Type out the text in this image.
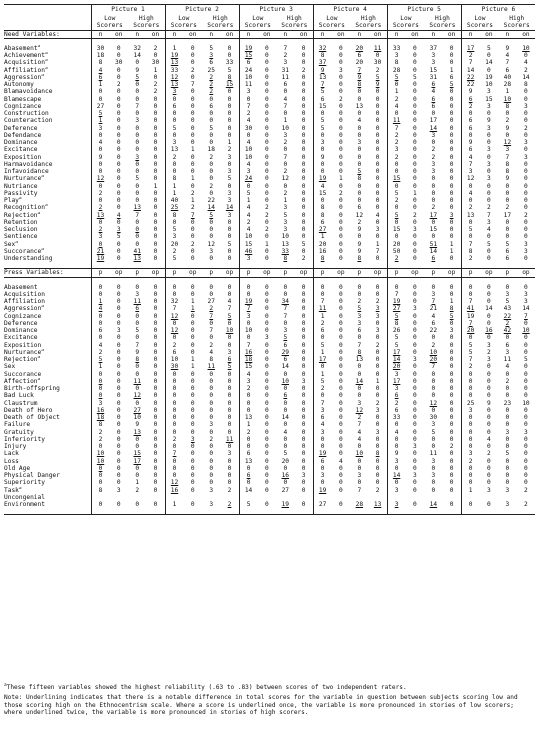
	Picture 1				Picture 2				Picture 3				Picture 4				Picture 5				Picture 6			
	Low		High		Low		High		Low		High		Low		High		Low		High		Low		High	
	Scorers		Scorers		Scorers		Scorers		Scorers		Scorers		Scorers		Scorers		Scorers		Scorers		Scorers		Scorers	
Need Variables:	n	on	n	on	n	on	n	on	n	on	n	on	n	on	n	on	n	on	n	on	n	on	n	on

Abasement$^a$	30	0	32	2	1	0	5	0	19	0	7	0	32	0	20	11	33	0	37	0	17	5	9	10
Achievement$^a$	18	0	14	0	19	0	3	0	15	0	2	0	8	0	6	0	3	0	3	0	2	0	4	0
Acquisition$^a$	8	30	0	30	13	0	6	33	6	0	3	0	37	0	20	30	8	0	3	0	7	14	7	4
Affiliation$^a$	4	0	9	1	33	2	25	5	24	0	31	2	9	3	7	2	28	0	15	1	14	0	6	2
Aggression$^a$	6	0	5	0	12	0	2	8	10	0	11	0	13	0	9	5	5	5	31	6	22	19	40	14
Autonomy	1	2	0	2	13	7	2	15	11	0	6	0	7	0	8	9	0	0	6	5	22	10	28	8
Blamavoidance	0	0	0	2	3	0	2	0	3	0	0	0	5	0	0	0	1	0	4	0	9	3	1	0
Blamescape	0	0	0	0	0	0	0	0	0	0	4	0	6	2	0	0	2	0	6	0	6	15	10	0
Cognizance	27	0	7	0	6	0	6	0	7	0	7	0	15	0	13	0	4	0	6	0	2	3	8	3
Construction	5	0	0	0	0	0	0	0	2	0	0	0	0	0	0	0	0	0	0	0	0	0	0	0
Counteraction	1	0	3	0	0	0	0	0	4	0	1	0	5	0	4	0	11	0	17	0	6	9	2	0
Deference	3	0	0	0	5	0	5	0	30	0	10	0	5	0	0	0	7	0	14	0	6	3	9	2
Defendance	0	0	0	0	0	0	0	0	0	0	3	0	0	0	0	0	2	0	3	0	0	0	0	0
Dominance	4	0	0	0	3	0	0	1	4	0	2	0	3	0	3	0	2	0	0	0	9	0	12	3
Excitance	0	0	0	0	13	1	18	2	10	0	0	0	0	0	0	0	3	0	2	0	6	3	3	0
Exposition	9	0	3	0	2	0	2	3	10	0	7	0	9	0	0	0	2	0	2	0	4	0	7	3
Harmavoidance	0	0	0	0	0	0	0	0	4	0	0	0	0	0	0	0	0	0	3	0	7	3	8	0
Infavoidance	0	0	0	0	0	0	0	3	3	0	2	0	0	0	5	0	0	0	3	0	3	0	8	0
Nurturance$^a$	12	0	5	0	8	1	0	5	24	0	12	0	19	1	8	0	15	0	0	0	12	3	9	0
Nutriance	0	0	0	1	1	0	2	0	0	0	0	0	4	0	0	0	0	0	0	0	0	0	0	0
Passivity	2	0	0	0	1	2	0	3	5	0	2	0	15	2	0	0	5	1	0	0	4	0	0	0
Play$^a$	0	0	0	0	40	1	22	3	1	0	1	0	0	0	0	0	2	0	0	0	0	0	0	0
Recognition$^a$	2	0	13	0	25	2	14	14	4	2	3	0	8	0	6	0	0	0	2	0	2	2	2	0
Rejection$^a$	13	4	7	0	8	7	5	3	4	2	5	0	8	0	12	4	5	2	17	3	13	7	17	2
Retention	0	0	0	0	0	0	0	0	2	0	3	0	6	0	2	0	0	0	0	0	0	3	0	0
Seclusion	2	3	0	0	5	0	0	0	4	2	3	0	27	0	9	3	15	3	15	0	5	4	0	0
Sentience	3	5	0	0	3	0	0	0	10	0	10	0	1	0	0	0	0	0	0	0	0	0	0	0
Sex$^a$	0	0	0	0	20	2	12	5	15	1	13	5	20	0	9	1	20	0	51	1	7	5	5	3
Succorance$^a$	21	0	41	0	2	0	3	0	46	0	33	0	16	0	9	7	50	0	14	1	8	0	6	3
Understanding	19	0	13	0	5	0	0	0	3	0	8	2	8	0	8	0	2	0	6	0	2	0	6	0

Press Variables:	p	op	p	op	p	op	p	op	p	op	p	op	p	op	p	op	p	op	p	op	p	op	p	op

Abasement	0	0	0	0	0	0	0	0	0	0	0	0	0	0	0	0	0	0	0	0	0	0	0	0
Acquisition	0	0	3	0	0	0	0	0	0	0	0	0	0	0	0	0	7	0	3	0	0	0	3	3
Affiliation	1	0	11	0	32	1	27	4	19	0	34	0	7	0	2	2	19	0	7	1	7	0	5	3
Aggression$^a$	4	0	6	0	7	1	2	7	7	0	7	0	11	0	5	3	27	3	21	8	41	14	43	14
Cognizance	0	0	0	0	12	0	7	5	3	0	7	0	1	0	3	3	5	0	4	5	19	0	22	7
Deference	0	0	0	0	0	0	0	0	0	0	0	0	2	0	3	0	8	0	6	0	7	0	2	0
Dominance	6	3	5	0	12	0	7	10	10	0	3	0	6	0	6	3	26	0	22	3	20	16	42	10
Excitance	0	0	0	0	0	0	0	0	0	3	5	0	0	0	0	0	5	0	0	0	0	0	0	0
Exposition	4	0	7	0	2	0	2	0	7	0	6	0	5	0	7	2	5	0	2	0	5	3	6	0
Nurturance$^a$	2	0	9	0	6	0	4	3	16	0	29	0	1	0	8	0	17	0	10	0	5	2	3	0
Rejection$^a$	5	0	8	0	10	1	8	6	18	0	6	0	17	0	13	0	14	3	20	0	7	3	11	5
Sex	1	0	0	0	30	1	11	5	15	0	14	0	0	0	0	0	20	0	7	0	2	0	4	0
Succorance	0	0	0	0	0	0	0	0	4	0	0	0	1	0	0	0	3	0	0	0	0	0	0	0
Affection$^a$	0	0	11	0	0	0	0	0	3	0	10	3	5	0	14	1	17	0	0	0	0	0	2	0
Birth-offspring	0	0	0	0	0	0	0	0	2	0	0	0	2	0	0	0	3	0	0	0	0	0	0	0
Bad Luck	0	0	12	0	0	0	0	0	0	0	6	0	0	0	0	0	6	0	0	0	0	0	0	0
Claustrum	3	0	0	0	0	0	0	0	0	0	0	0	7	0	3	2	2	0	12	0	25	9	23	10
Death of Hero	16	0	27	0	0	0	0	0	0	0	0	0	3	0	12	3	6	0	0	0	3	0	0	0
Death of Object	18	0	10	0	0	0	0	0	13	0	14	0	6	0	2	0	33	0	30	0	0	0	0	0
Failure	8	0	9	0	0	0	3	0	1	0	0	0	4	0	7	0	0	0	3	0	0	0	0	0
Gratuity	2	0	13	0	0	0	0	0	2	0	4	0	3	0	4	3	4	0	5	0	0	0	3	3
Inferiority	2	0	0	0	2	3	2	11	0	0	0	0	0	0	4	0	0	0	0	0	0	4	0	0
Injury	0	0	0	0	0	0	0	0	0	0	0	0	0	0	0	0	0	3	0	2	0	0	0	0
Lack	10	0	15	0	7	0	0	3	6	0	5	0	19	0	10	8	9	0	11	0	3	2	5	0
Loss	10	0	17	0	0	0	0	0	13	0	20	0	6	4	0	0	3	0	3	0	2	0	0	0
Old Age	0	0	0	0	0	0	0	0	0	0	0	0	0	0	0	0	0	0	0	0	0	0	0	0
Physical Danger	0	0	0	0	0	0	0	0	6	0	16	3	3	0	3	0	14	3	3	0	0	0	0	0
Superiority	0	0	1	0	12	0	0	0	0	0	0	0	0	0	0	0	0	0	0	0	0	0	0	0
Task$^a$	8	3	2	0	16	0	3	2	14	0	27	0	19	0	7	2	3	0	0	0	1	3	3	2
Uncongenial
Environment	0	0	0	0	1	0	3	2	5	0	19	0	27	0	28	13	3	0	14	0	0	0	3	2

$^a$These fifteen variables showed the highest reliability (.63 to .83) between scores of two independent raters.

Note: Underlining indicates that there is a notable difference in total scores for the variable in question between subjects scoring low and those scoring high on the Ethnocentrism scale. Where a score is underlined once, the variable is more pronounced in stories of low scorers; where underlined twice, the variable is more pronounced in stories of high scorers.
